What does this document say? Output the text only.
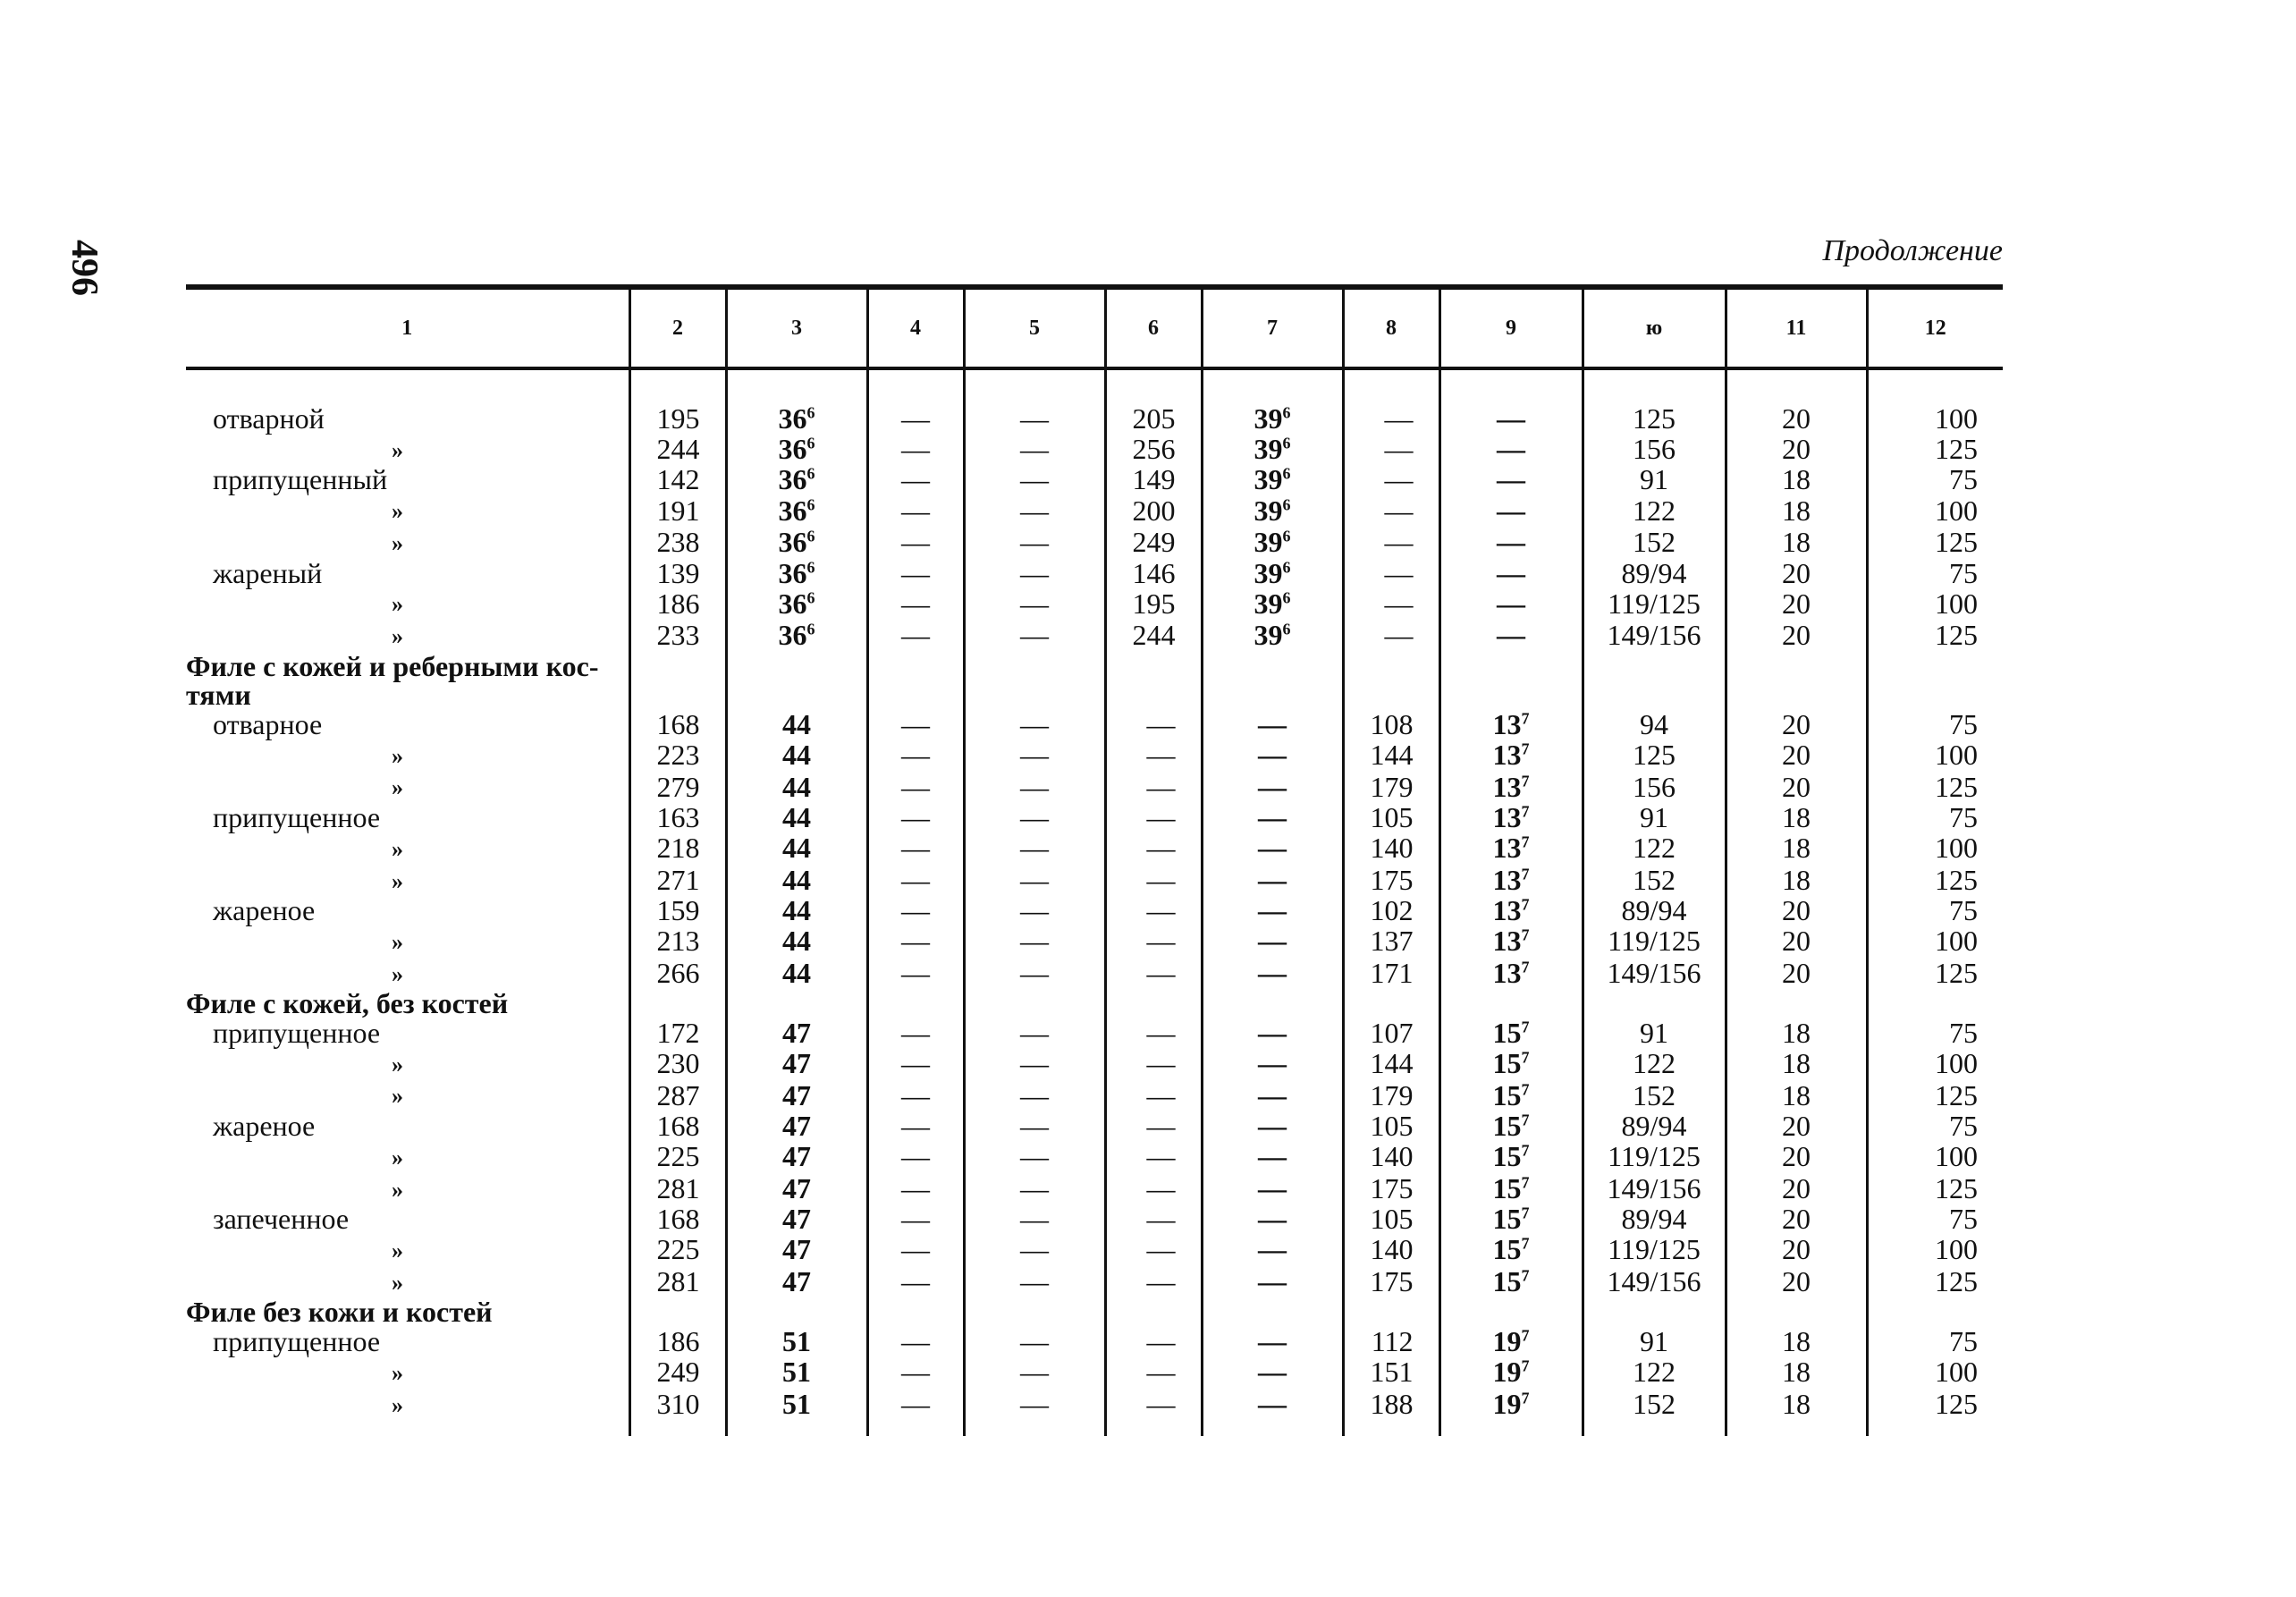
496	Продолжение
1	2	3	4	5	6	7	8	9	ю	11	12

отварной	195	$36^6$	—	—	205	$39^6$	—	—	125	20	100
»	244	$36^6$	—	—	256	$39^6$	—	—	156	20	125
припущенный	142	$36^6$	—	—	149	$39^6$	—	—	91	18	75
»	191	$36^6$	—	—	200	$39^6$	—	—	122	18	100
»	238	$36^6$	—	—	249	$39^6$	—	—	152	18	125
жареный	139	$36^6$	—	—	146	$39^6$	—	—	89/94	20	75
»	186	$36^6$	—	—	195	$39^6$	—	—	119/125	20	100
»	233	$36^6$	—	—	244	$39^6$	—	—	149/156	20	125
Филе с кожей и реберными кос-											
тями											
отварное	168	44	—	—	—	—	108	$13^7$	94	20	75
»	223	44	—	—	—	—	144	$13^7$	125	20	100
»	279	44	—	—	—	—	179	$13^7$	156	20	125
припущенное	163	44	—	—	—	—	105	$13^7$	91	18	75
»	218	44	—	—	—	—	140	$13^7$	122	18	100
»	271	44	—	—	—	—	175	$13^7$	152	18	125
жареное	159	44	—	—	—	—	102	$13^7$	89/94	20	75
»	213	44	—	—	—	—	137	$13^7$	119/125	20	100
»	266	44	—	—	—	—	171	$13^7$	149/156	20	125
Филе с кожей, без костей											
припущенное	172	47	—	—	—	—	107	$15^7$	91	18	75
»	230	47	—	—	—	—	144	$15^7$	122	18	100
»	287	47	—	—	—	—	179	$15^7$	152	18	125
жареное	168	47	—	—	—	—	105	$15^7$	89/94	20	75
»	225	47	—	—	—	—	140	$15^7$	119/125	20	100
»	281	47	—	—	—	—	175	$15^7$	149/156	20	125
запеченное	168	47	—	—	—	—	105	$15^7$	89/94	20	75
»	225	47	—	—	—	—	140	$15^7$	119/125	20	100
»	281	47	—	—	—	—	175	$15^7$	149/156	20	125
Филе без кожи и костей											
припущенное	186	51	—	—	—	—	112	$19^7$	91	18	75
»	249	51	—	—	—	—	151	$19^7$	122	18	100
»	310	51	—	—	—	—	188	$19^7$	152	18	125
